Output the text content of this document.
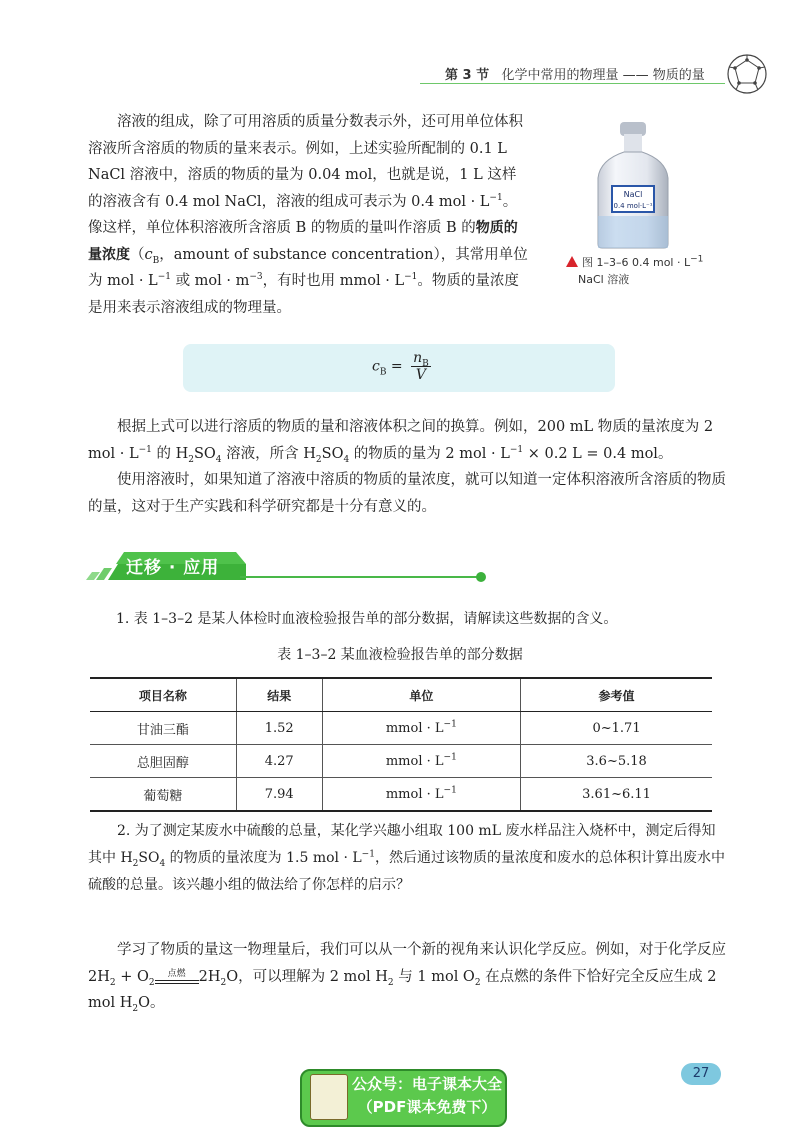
第 3 节 化学中常用的物理量 —— 物质的量
溶液的组成，除了可用溶质的质量分数表示外，还可用单位体积溶液所含溶质的物质的量来表示。例如，上述实验所配制的 0.1 L NaCl 溶液中，溶质的物质的量为 0.04 mol，也就是说，1 L 这样的溶液含有 0.4 mol NaCl，溶液的组成可表示为 0.4 mol · $L^{-1}$。像这样，单位体积溶液所含溶质 B 的物质的量叫作溶质 B 的物质的量浓度（$c_B$，amount of substance concentration），其常用单位为 mol · $L^{-1}$ 或 mol · $m^{-3}$，有时也用 mmol · $L^{-1}$。物质的量浓度是用来表示溶液组成的物理量。
NaCl
0.4 mol·L⁻¹
图 1–3–6 0.4 mol · $L^{-1}$
NaCl 溶液
$c_B = \frac{n_B}{V}$
根据上式可以进行溶质的物质的量和溶液体积之间的换算。例如，200 mL 物质的量浓度为 2 mol · $L^{-1}$ 的 $H_2SO_4$ 溶液，所含 $H_2SO_4$ 的物质的量为 2 mol · $L^{-1} \times 0.2$ L = 0.4 mol。
使用溶液时，如果知道了溶液中溶质的物质的量浓度，就可以知道一定体积溶液所含溶质的物质的量，这对于生产实践和科学研究都是十分有意义的。
迁移 · 应用
1. 表 1–3–2 是某人体检时血液检验报告单的部分数据，请解读这些数据的含义。
表 1–3–2 某血液检验报告单的部分数据
项目名称	结果	单位	参考值
甘油三酯	1.52	mmol · $L^{-1}$	0~1.71
总胆固醇	4.27	mmol · $L^{-1}$	3.6~5.18
葡萄糖	7.94	mmol · $L^{-1}$	3.61~6.11
2. 为了测定某废水中硫酸的总量，某化学兴趣小组取 100 mL 废水样品注入烧杯中，测定后得知其中 $H_2SO_4$ 的物质的量浓度为 1.5 mol · $L^{-1}$，然后通过该物质的量浓度和废水的总体积计算出废水中硫酸的总量。该兴趣小组的做法给了你怎样的启示？
学习了物质的量这一物理量后，我们可以从一个新的视角来认识化学反应。例如，对于化学反应 $2H_2 + O_2$
点燃 $2H_2O$，可以理解为 2 mol $H_2$ 与 1 mol $O_2$ 在点燃的条件下恰好完全反应生成 2 mol $H_2O$。
27
公众号：电子课本大全
（PDF课本免费下）
